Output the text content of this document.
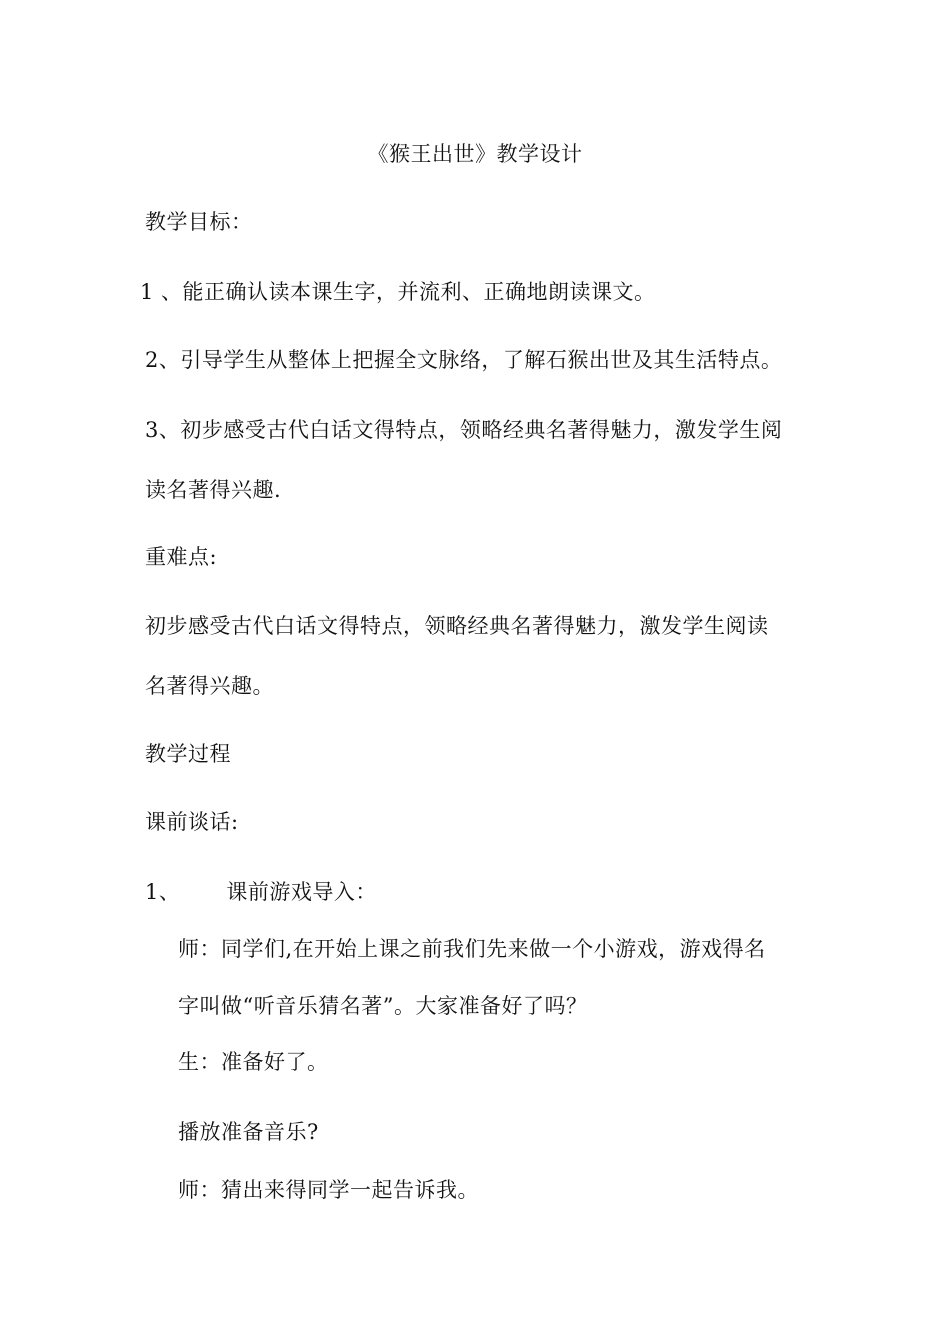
《猴王出世》教学设计
教学目标：
1 、能正确认读本课生字，并流利、正确地朗读课文。
2、引导学生从整体上把握全文脉络，了解石猴出世及其生活特点。
3、初步感受古代白话文得特点，领略经典名著得魅力，激发学生阅
读名著得兴趣.
重难点:
初步感受古代白话文得特点，领略经典名著得魅力，激发学生阅读
名著得兴趣。
教学过程
课前谈话:
1、 课前游戏导入：
师：同学们,在开始上课之前我们先来做一个小游戏，游戏得名
字叫做“听音乐猜名著”。大家准备好了吗？
生：准备好了。
播放准备音乐?
师：猜出来得同学一起告诉我。
